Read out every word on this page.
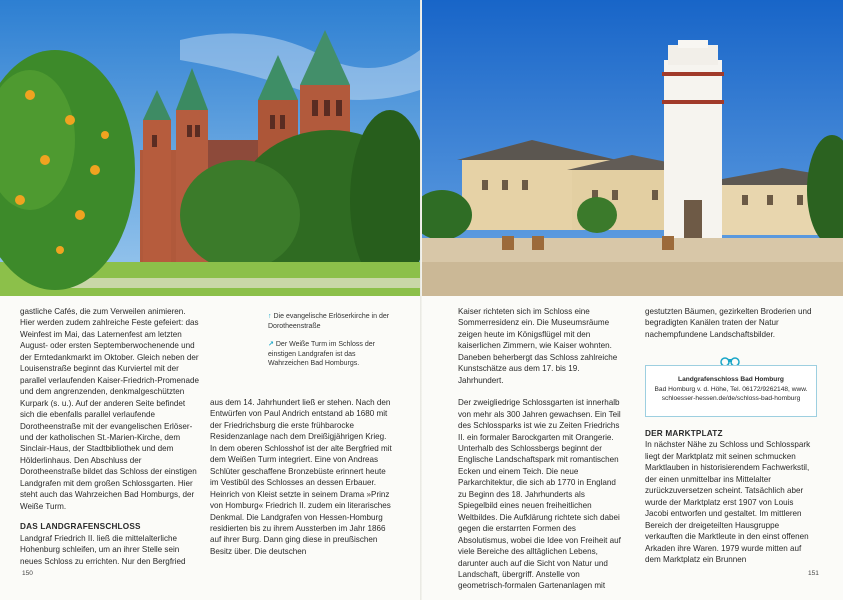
gastliche Cafés, die zum Verweilen animieren. Hier werden zudem zahlreiche Feste gefeiert: das Weinfest im Mai, das Laternenfest am letzten August- oder ersten Septemberwochenende und der Erntedankmarkt im Oktober. Gleich neben der Louisenstraße beginnt das Kurviertel mit der parallel verlaufenden Kaiser-Friedrich-Promenade und dem angrenzenden, denkmalgeschützten Kurpark (s. u.). Auf der anderen Seite befindet sich die ebenfalls parallel verlaufende Dorotheenstraße mit der evangelischen Erlöser- und der katholischen St.-Marien-Kirche, dem Sinclair-Haus, der Stadtbibliothek und dem Hölderlinhaus. Den Abschluss der Dorotheenstraße bildet das Schloss der einstigen Landgrafen mit dem großen Schlossgarten. Hier steht auch das Wahrzeichen Bad Homburgs, der Weiße Turm.

DAS LANDGRAFENSCHLOSS

Landgraf Friedrich II. ließ die mittelalterliche Hohenburg schleifen, um an ihrer Stelle sein neues Schloss zu errichten. Nur den Bergfried

↑ Die evangelische Erlöserkirche in der Dorotheenstraße

↗ Der Weiße Turm im Schloss der einstigen Landgrafen ist das Wahrzeichen Bad Homburgs.

aus dem 14. Jahrhundert ließ er stehen. Nach den Entwürfen von Paul Andrich entstand ab 1680 mit der Friedrichsburg die erste frühbarocke Residenzanlage nach dem Dreißigjährigen Krieg. In dem oberen Schlosshof ist der alte Bergfried mit dem Weißen Turm integriert. Eine von Andreas Schlüter geschaffene Bronzebüste erinnert heute im Vestibül des Schlosses an dessen Erbauer. Heinrich von Kleist setzte in seinem Drama »Prinz von Homburg« Friedrich II. zudem ein literarisches Denkmal. Die Landgrafen von Hessen-Homburg residierten bis zu ihrem Aussterben im Jahr 1866 auf ihrer Burg. Dann ging diese in preußischen Besitz über. Die deutschen

150

Kaiser richteten sich im Schloss eine Sommerresidenz ein. Die Museumsräume zeigen heute im Königsflügel mit den kaiserlichen Zimmern, wie Kaiser wohnten. Daneben beherbergt das Schloss zahlreiche Kunstschätze aus dem 17. bis 19. Jahrhundert.

Der zweigliedrige Schlossgarten ist innerhalb von mehr als 300 Jahren gewachsen. Ein Teil des Schlossparks ist wie zu Zeiten Friedrichs II. ein formaler Barockgarten mit Orangerie. Unterhalb des Schlossbergs beginnt der Englische Landschaftspark mit romantischen Ecken und einem Teich. Die neue Parkarchitektur, die sich ab 1770 in England zu Beginn des 18. Jahrhunderts als Spiegelbild eines neuen freiheitlichen Weltbildes. Die Aufklärung richtete sich dabei gegen die erstarrten Formen des Absolutismus, wobei die Idee von Freiheit auf viele Bereiche des alltäglichen Lebens, darunter auch auf die Sicht von Natur und Landschaft, übergriff. Anstelle von geometrisch-formalen Gartenanlagen mit

gestutzten Bäumen, gezirkelten Broderien und begradigten Kanälen traten der Natur nachempfundene Landschaftsbilder.

Landgrafenschloss Bad Homburg
Bad Homburg v. d. Höhe, Tel. 06172/9262148, www.
schloesser-hessen.de/de/schloss-bad-homburg
DER MARKTPLATZ

In nächster Nähe zu Schloss und Schlosspark liegt der Marktplatz mit seinen schmucken Marktlauben in historisierendem Fachwerkstil, der einen unmittelbar ins Mittelalter zurückzuversetzen scheint. Tatsächlich aber wurde der Marktplatz erst 1907 von Louis Jacobi entworfen und gestaltet. Im mittleren Bereich der dreigeteilten Hausgruppe verkauften die Marktleute in den einst offenen Arkaden ihre Waren. 1979 wurde mitten auf dem Marktplatz ein Brunnen

151
